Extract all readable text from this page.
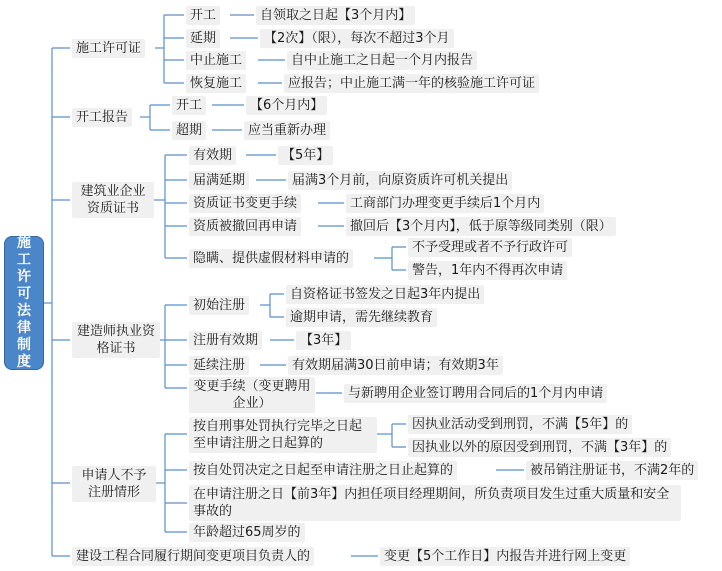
施工许可法律制度
施工许可证
开工	自领取之日起【3个月内】
延期	【2次】（限），每次不超过3个月
中止施工	自中止施工之日起一个月内报告
恢复施工	应报告；中止施工满一年的核验施工许可证
开工报告
开工	【6个月内】
超期	应当重新办理
建筑业企业资质证书
有效期	【5年】
届满延期	届满3个月前，向原资质许可机关提出
资质证书变更手续	工商部门办理变更手续后1个月内
资质被撤回再申请	撤回后【3个月内】，低于原等级同类别（限）
隐瞒、提供虚假材料申请的
不予受理或者不予行政许可
警告，1年内不得再次申请
建造师执业资格证书
初始注册
自资格证书签发之日起3年内提出
逾期申请，需先继续教育
注册有效期	【3年】
延续注册	有效期届满30日前申请；有效期3年
变更手续（变更聘用企业）
与新聘用企业签订聘用合同后的1个月内申请
申请人不予注册情形
按自刑事处罚执行完毕之日起至申请注册之日起算的
因执业活动受到刑罚，不满【5年】的
因执业以外的原因受到刑罚，不满【3年】的
按自处罚决定之日起至申请注册之日止起算的	被吊销注册证书，不满2年的
在申请注册之日【前3年】内担任项目经理期间，所负责项目发生过重大质量和安全事故的
年龄超过65周岁的
建设工程合同履行期间变更项目负责人的	变更【5个工作日】内报告并进行网上变更
